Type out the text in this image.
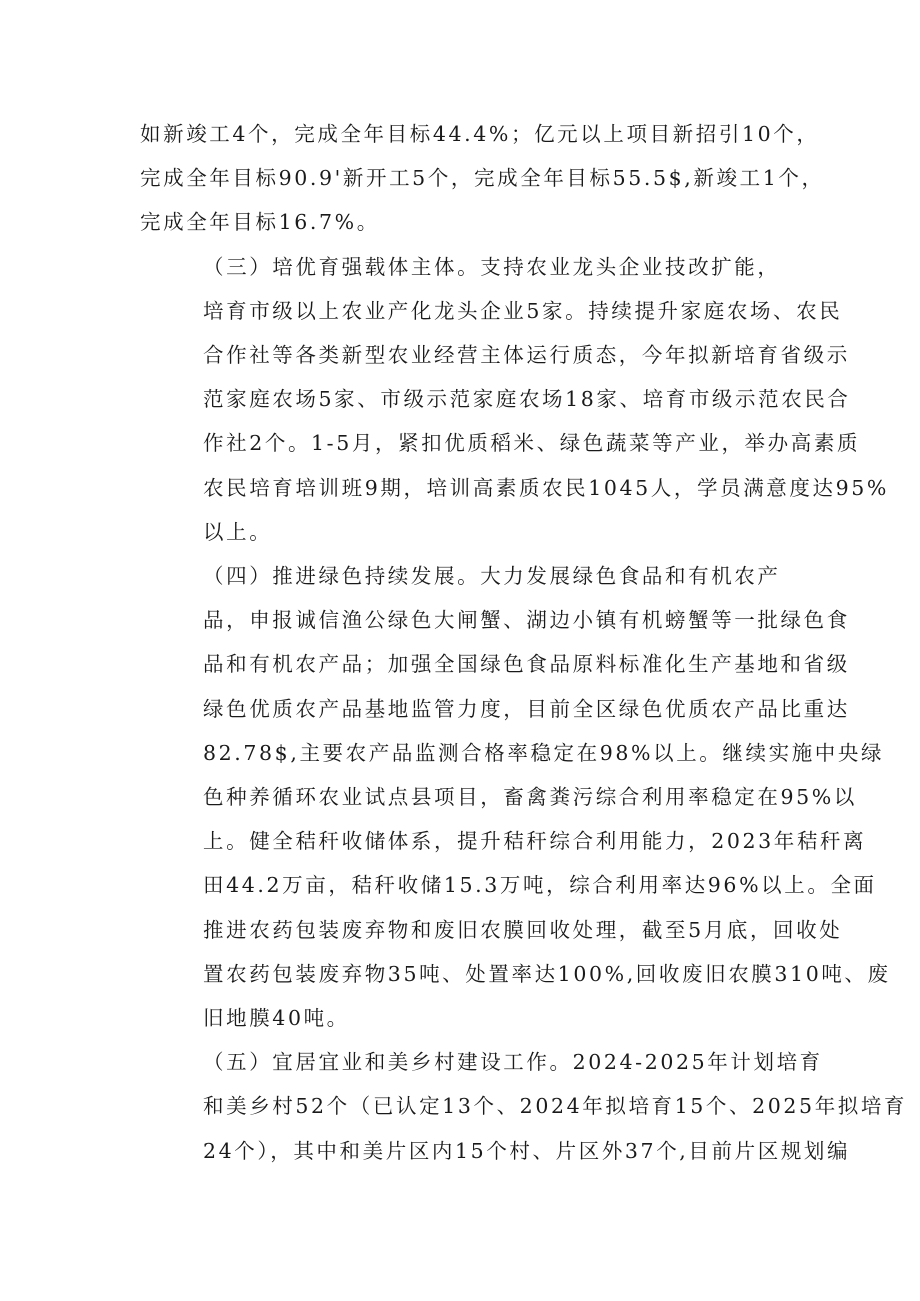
如新竣工4个，完成全年目标44.4%；亿元以上项目新招引10个，
完成全年目标90.9'新开工5个，完成全年目标55.5$,新竣工1个，
完成全年目标16.7%。

（三）培优育强载体主体。支持农业龙头企业技改扩能，
培育市级以上农业产化龙头企业5家。持续提升家庭农场、农民
合作社等各类新型农业经营主体运行质态，今年拟新培育省级示
范家庭农场5家、市级示范家庭农场18家、培育市级示范农民合
作社2个。1-5月，紧扣优质稻米、绿色蔬菜等产业，举办高素质
农民培育培训班9期，培训高素质农民1045人，学员满意度达95%
以上。

（四）推进绿色持续发展。大力发展绿色食品和有机农产
品，申报诚信渔公绿色大闸蟹、湖边小镇有机螃蟹等一批绿色食
品和有机农产品；加强全国绿色食品原料标准化生产基地和省级
绿色优质农产品基地监管力度，目前全区绿色优质农产品比重达
82.78$,主要农产品监测合格率稳定在98%以上。继续实施中央绿
色种养循环农业试点县项目，畜禽粪污综合利用率稳定在95%以
上。健全秸秆收储体系，提升秸秆综合利用能力，2023年秸秆离
田44.2万亩，秸秆收储15.3万吨，综合利用率达96%以上。全面
推进农药包装废弃物和废旧农膜回收处理，截至5月底，回收处
置农药包装废弃物35吨、处置率达100%,回收废旧农膜310吨、废
旧地膜40吨。

（五）宜居宜业和美乡村建设工作。2024-2025年计划培育
和美乡村52个（已认定13个、2024年拟培育15个、2025年拟培育
24个），其中和美片区内15个村、片区外37个,目前片区规划编
